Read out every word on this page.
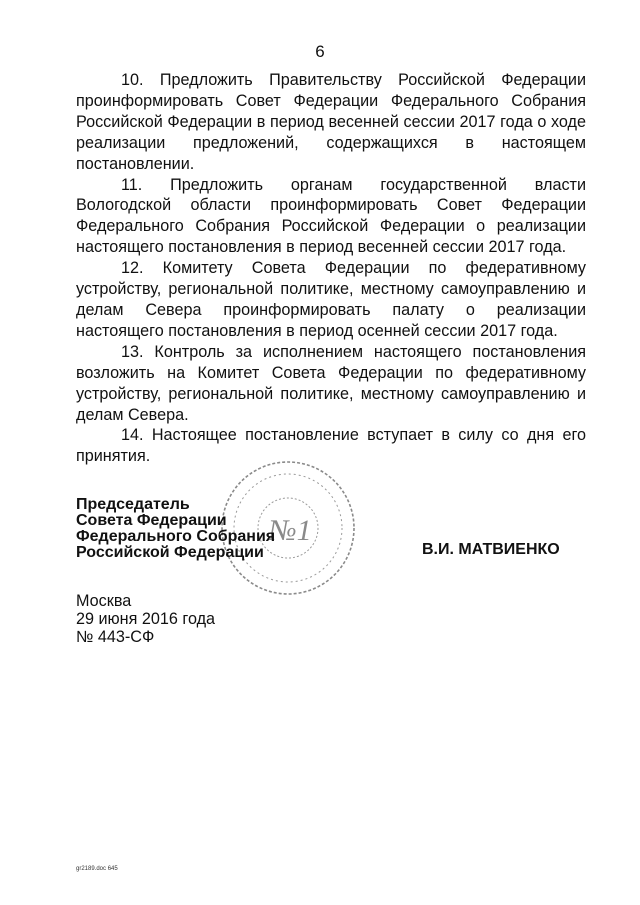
6

10. Предложить Правительству Российской Федерации проинформировать Совет Федерации Федерального Собрания Российской Федерации в период весенней сессии 2017 года о ходе реализации предложений, содержащихся в настоящем постановлении.

11. Предложить органам государственной власти Вологодской области проинформировать Совет Федерации Федерального Собрания Российской Федерации о реализации настоящего постановления в период весенней сессии 2017 года.

12. Комитету Совета Федерации по федеративному устройству, региональной политике, местному самоуправлению и делам Севера проинформировать палату о реализации настоящего постановления в период осенней сессии 2017 года.

13. Контроль за исполнением настоящего постановления возложить на Комитет Совета Федерации по федеративному устройству, региональной политике, местному самоуправлению и делам Севера.

14. Настоящее постановление вступает в силу со дня его принятия.

№1
Председатель
Совета Федерации
Федерального Собрания
Российской Федерации	В.И. МАТВИЕНКО
Москва
29 июня 2016 года
№ 443-СФ
gr2189.doc 645
